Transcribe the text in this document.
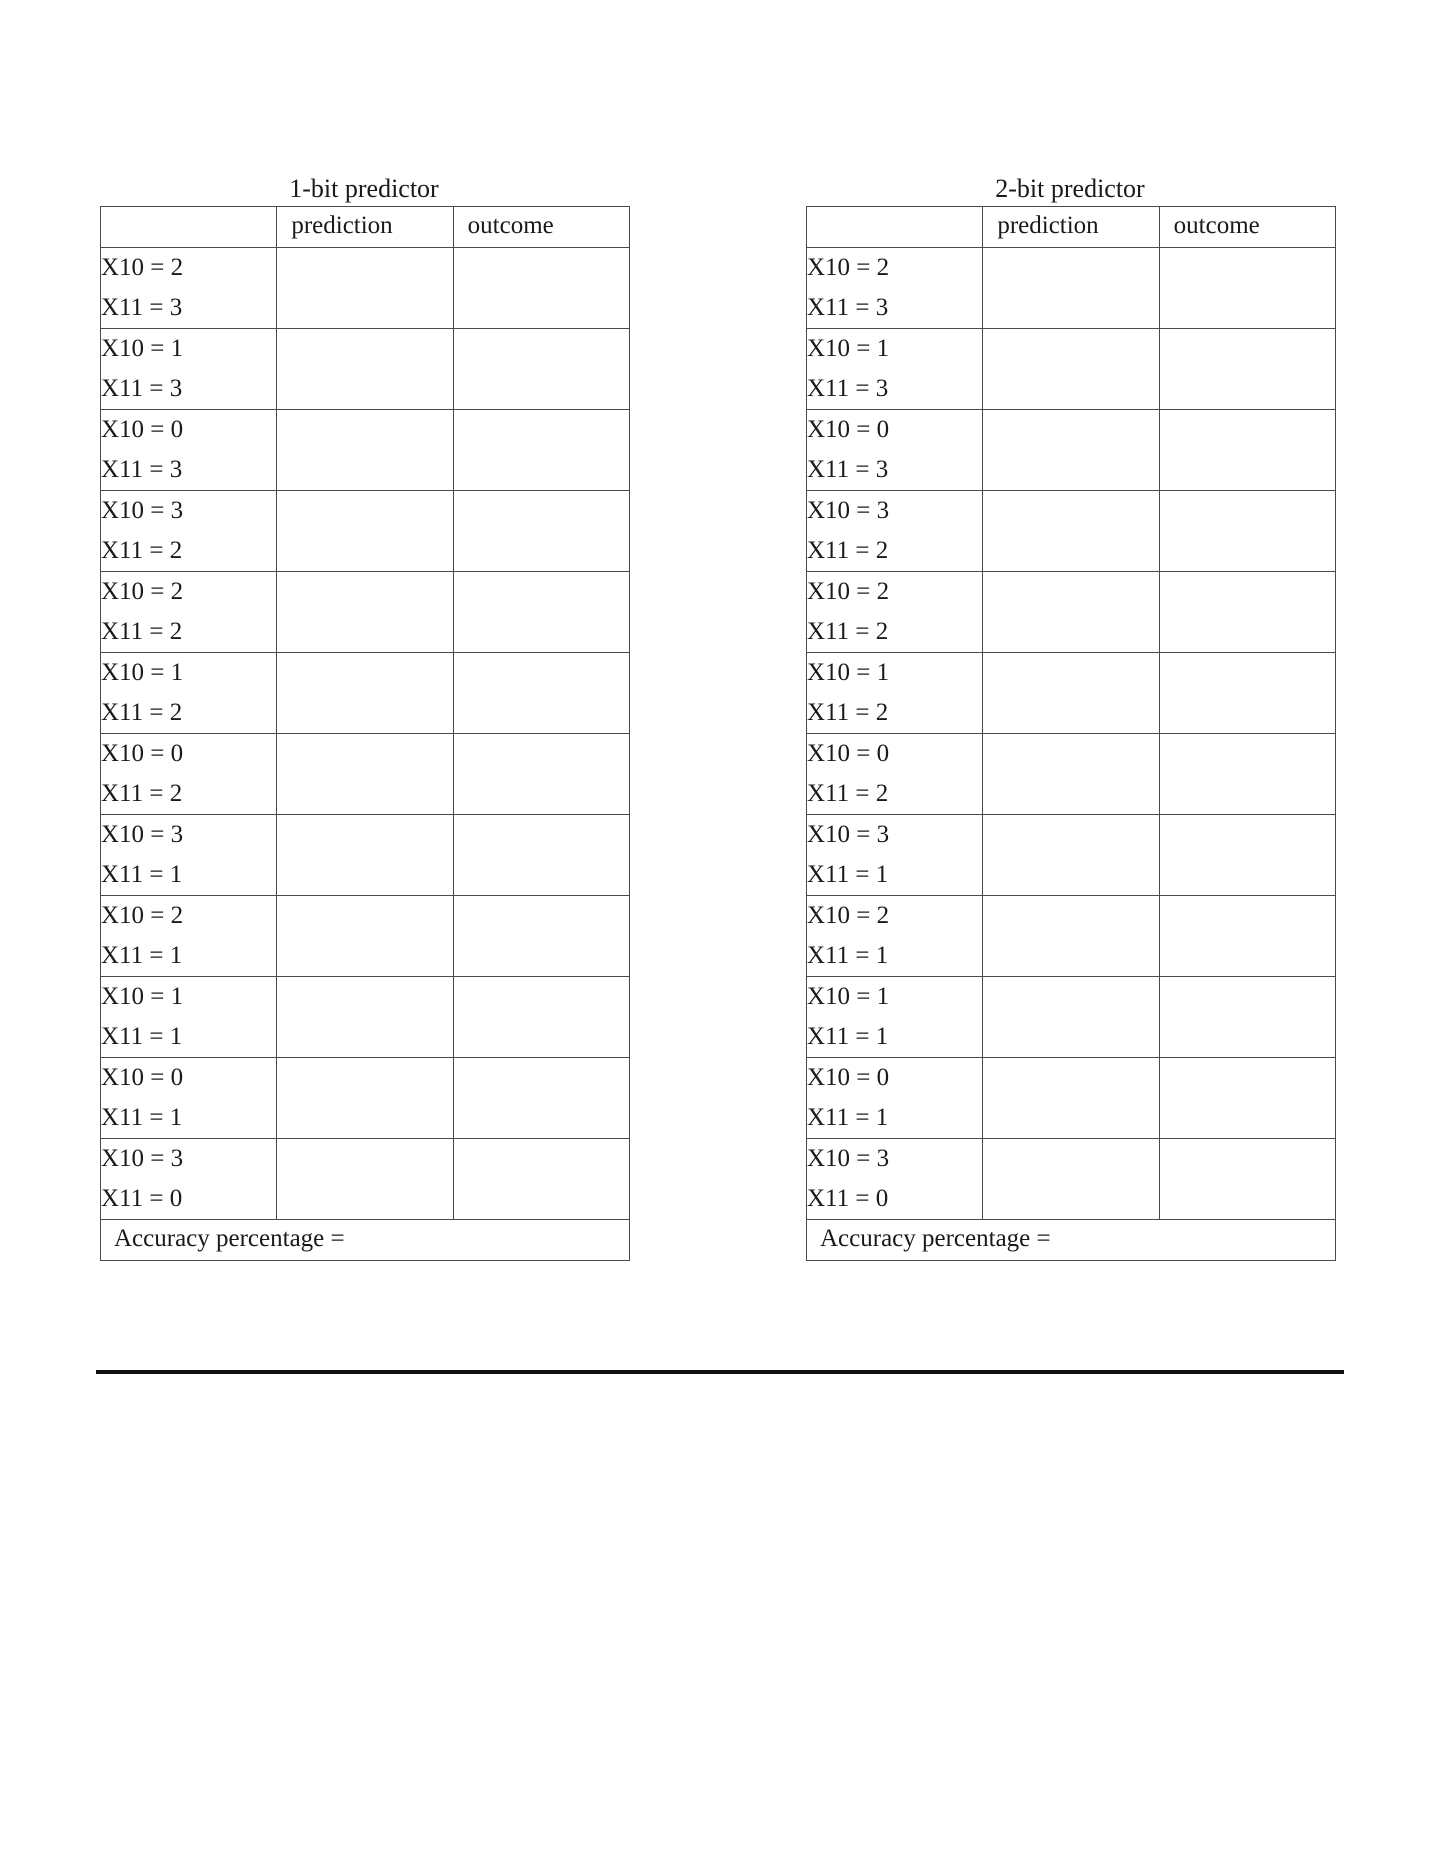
1-bit predictor
	prediction	outcome

X10 = 2
X11 = 3		

X10 = 1
X11 = 3		

X10 = 0
X11 = 3		

X10 = 3
X11 = 2		

X10 = 2
X11 = 2		

X10 = 1
X11 = 2		

X10 = 0
X11 = 2		

X10 = 3
X11 = 1		

X10 = 2
X11 = 1		

X10 = 1
X11 = 1		

X10 = 0
X11 = 1		

X10 = 3
X11 = 0		

Accuracy percentage =		
2-bit predictor
	prediction	outcome

X10 = 2
X11 = 3		

X10 = 1
X11 = 3		

X10 = 0
X11 = 3		

X10 = 3
X11 = 2		

X10 = 2
X11 = 2		

X10 = 1
X11 = 2		

X10 = 0
X11 = 2		

X10 = 3
X11 = 1		

X10 = 2
X11 = 1		

X10 = 1
X11 = 1		

X10 = 0
X11 = 1		

X10 = 3
X11 = 0		

Accuracy percentage =		
